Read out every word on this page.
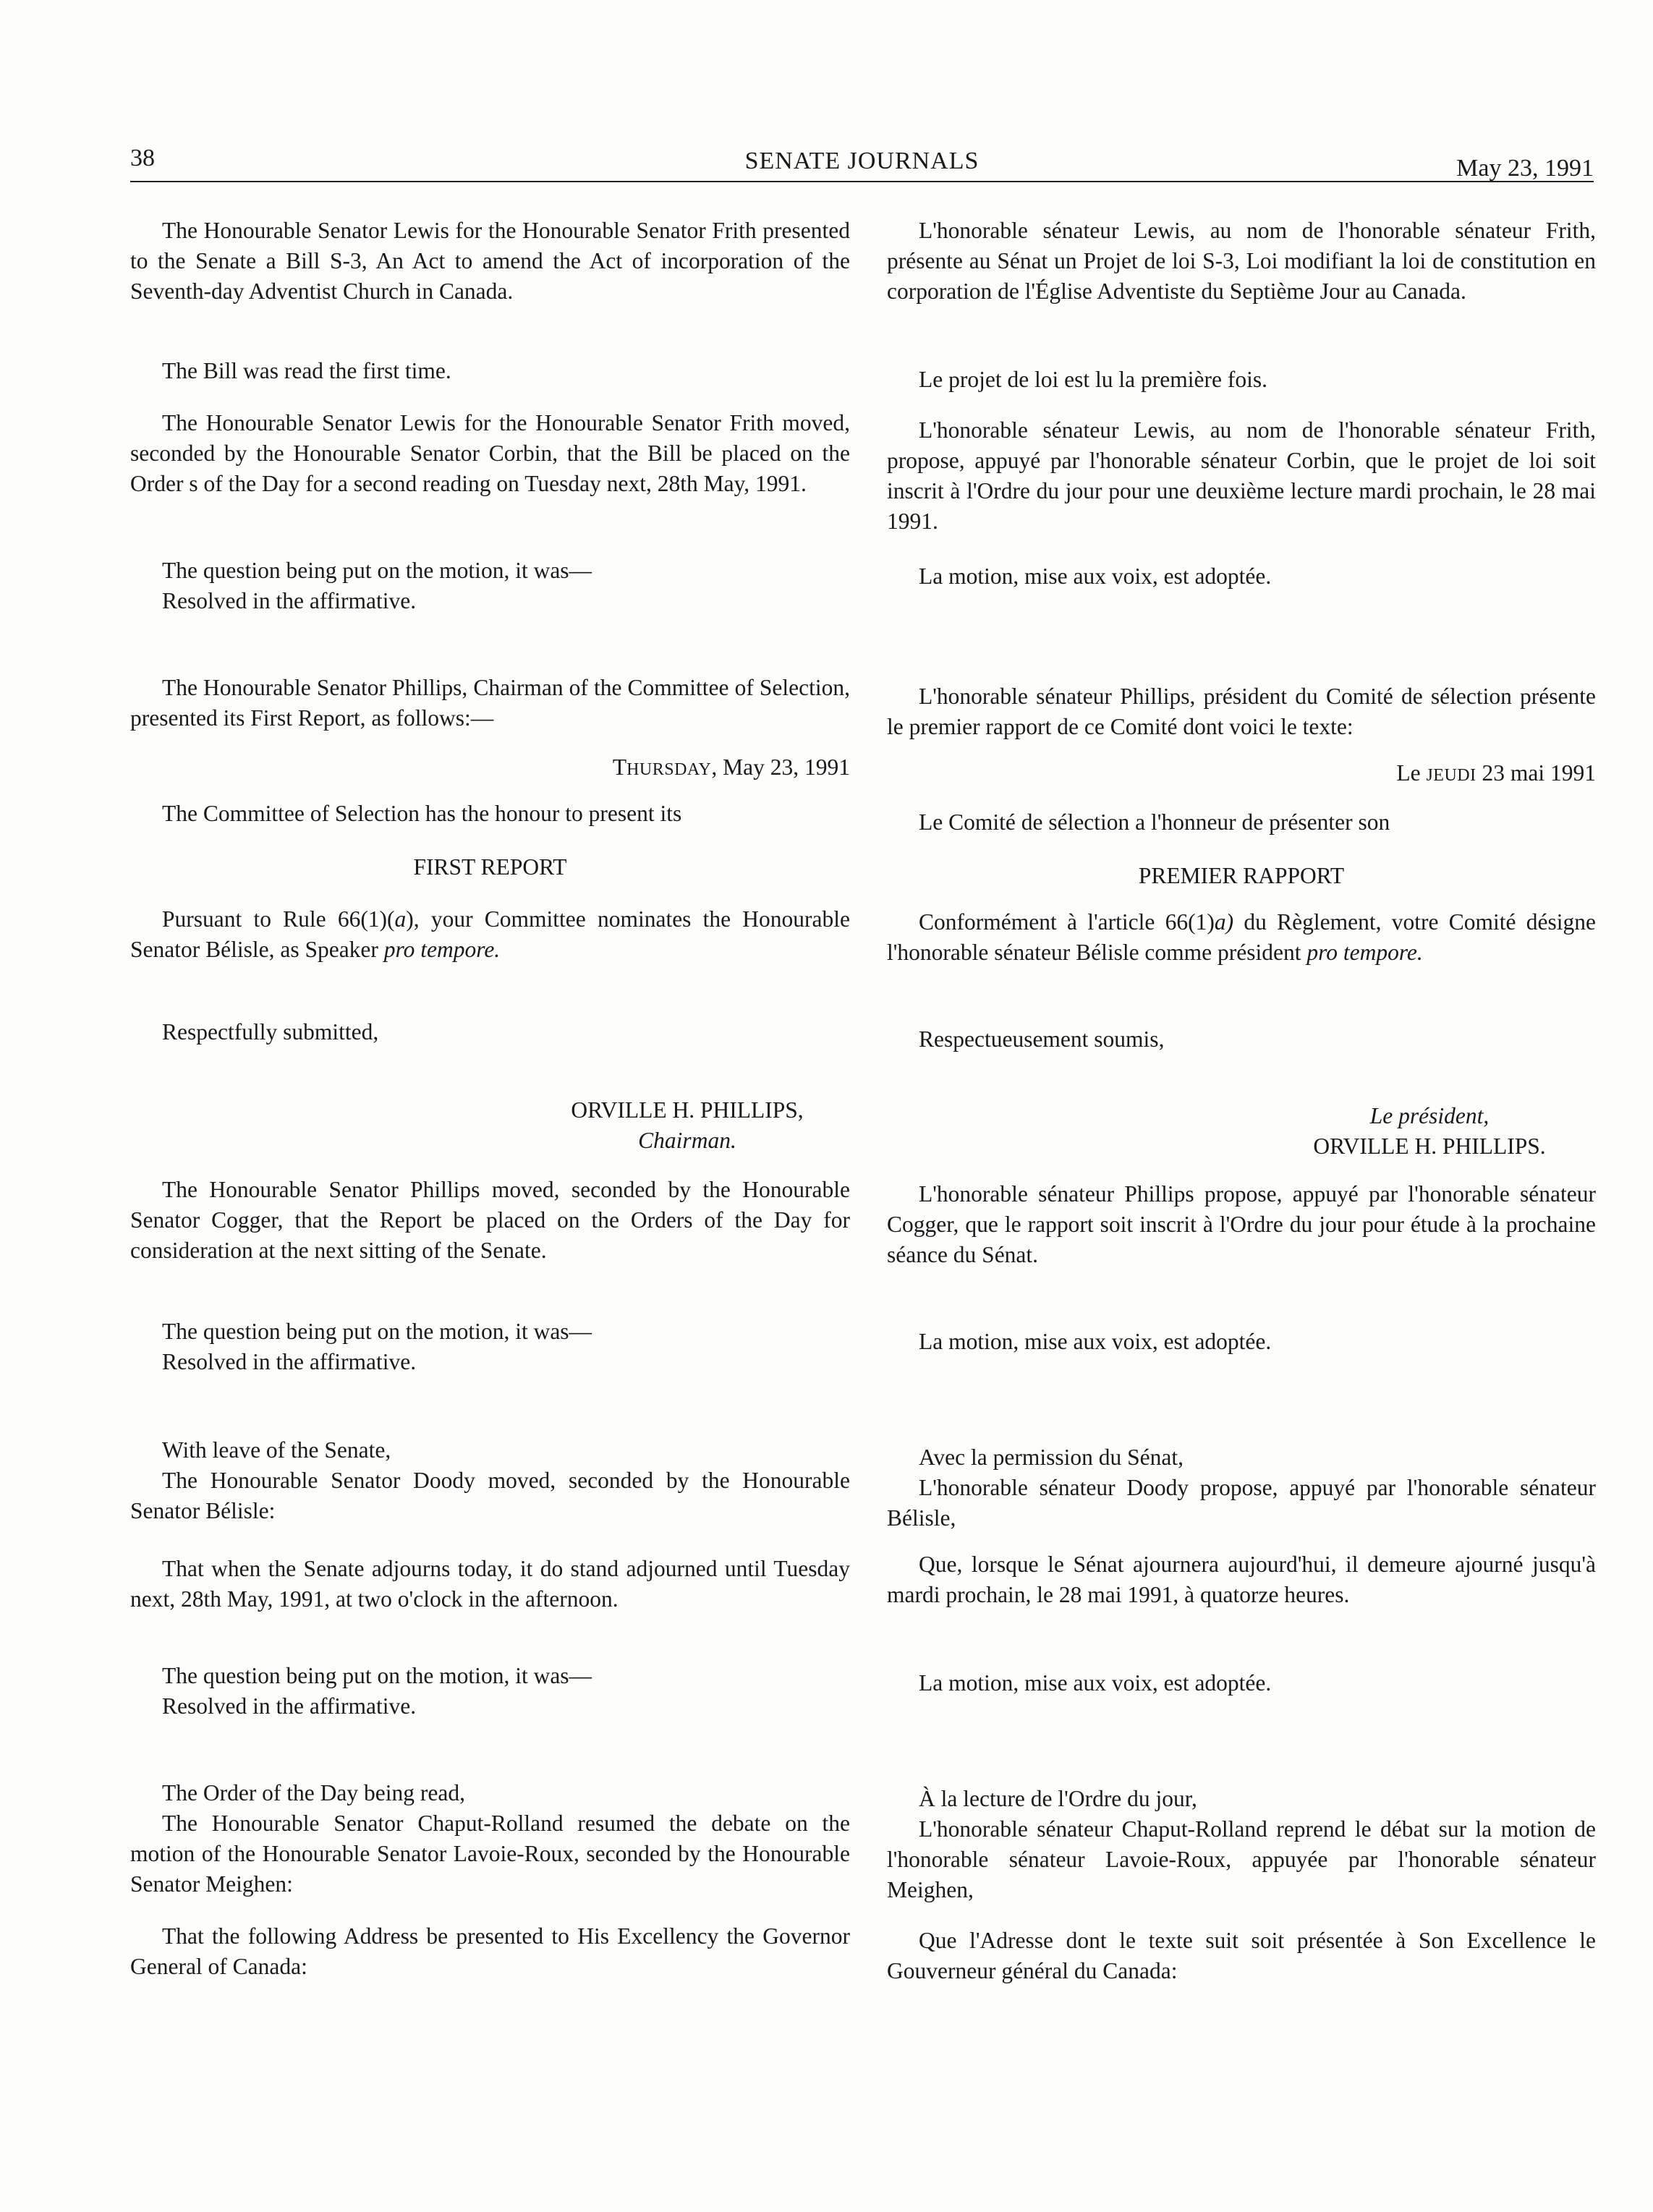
38	SENATE JOURNALS	May 23, 1991

The Honourable Senator Lewis for the Honourable Senator Frith presented to the Senate a Bill S-3, An Act to amend the Act of incorporation of the Seventh-day Adventist Church in Canada.

The Bill was read the first time.

The Honourable Senator Lewis for the Honourable Senator Frith moved, seconded by the Honourable Senator Corbin, that the Bill be placed on the Order s of the Day for a second reading on Tuesday next, 28th May, 1991.

The question being put on the motion, it was—

Resolved in the affirmative.

The Honourable Senator Phillips, Chairman of the Committee of Selection, presented its First Report, as follows:—

THURSDAY, May 23, 1991

The Committee of Selection has the honour to present its

FIRST REPORT

Pursuant to Rule 66(1)(a), your Committee nominates the Honourable Senator Bélisle, as Speaker pro tempore.

Respectfully submitted,

ORVILLE H. PHILLIPS,

Chairman.

The Honourable Senator Phillips moved, seconded by the Honourable Senator Cogger, that the Report be placed on the Orders of the Day for consideration at the next sitting of the Senate.

The question being put on the motion, it was—

Resolved in the affirmative.

With leave of the Senate,

The Honourable Senator Doody moved, seconded by the Honourable Senator Bélisle:

That when the Senate adjourns today, it do stand adjourned until Tuesday next, 28th May, 1991, at two o'clock in the afternoon.

The question being put on the motion, it was—

Resolved in the affirmative.

The Order of the Day being read,

The Honourable Senator Chaput-Rolland resumed the debate on the motion of the Honourable Senator Lavoie-Roux, seconded by the Honourable Senator Meighen:

That the following Address be presented to His Excellency the Governor General of Canada:

L'honorable sénateur Lewis, au nom de l'honorable sénateur Frith, présente au Sénat un Projet de loi S-3, Loi modifiant la loi de constitution en corporation de l'Église Adventiste du Septième Jour au Canada.

Le projet de loi est lu la première fois.

L'honorable sénateur Lewis, au nom de l'honorable sénateur Frith, propose, appuyé par l'honorable sénateur Corbin, que le projet de loi soit inscrit à l'Ordre du jour pour une deuxième lecture mardi prochain, le 28 mai 1991.

La motion, mise aux voix, est adoptée.

L'honorable sénateur Phillips, président du Comité de sélection présente le premier rapport de ce Comité dont voici le texte:

Le JEUDI 23 mai 1991

Le Comité de sélection a l'honneur de présenter son

PREMIER RAPPORT

Conformément à l'article 66(1)a) du Règlement, votre Comité désigne l'honorable sénateur Bélisle comme président pro tempore.

Respectueusement soumis,

Le président,

ORVILLE H. PHILLIPS.

L'honorable sénateur Phillips propose, appuyé par l'honorable sénateur Cogger, que le rapport soit inscrit à l'Ordre du jour pour étude à la prochaine séance du Sénat.

La motion, mise aux voix, est adoptée.

Avec la permission du Sénat,

L'honorable sénateur Doody propose, appuyé par l'honorable sénateur Bélisle,

Que, lorsque le Sénat ajournera aujourd'hui, il demeure ajourné jusqu'à mardi prochain, le 28 mai 1991, à quatorze heures.

La motion, mise aux voix, est adoptée.

À la lecture de l'Ordre du jour,

L'honorable sénateur Chaput-Rolland reprend le débat sur la motion de l'honorable sénateur Lavoie-Roux, appuyée par l'honorable sénateur Meighen,

Que l'Adresse dont le texte suit soit présentée à Son Excellence le Gouverneur général du Canada:
